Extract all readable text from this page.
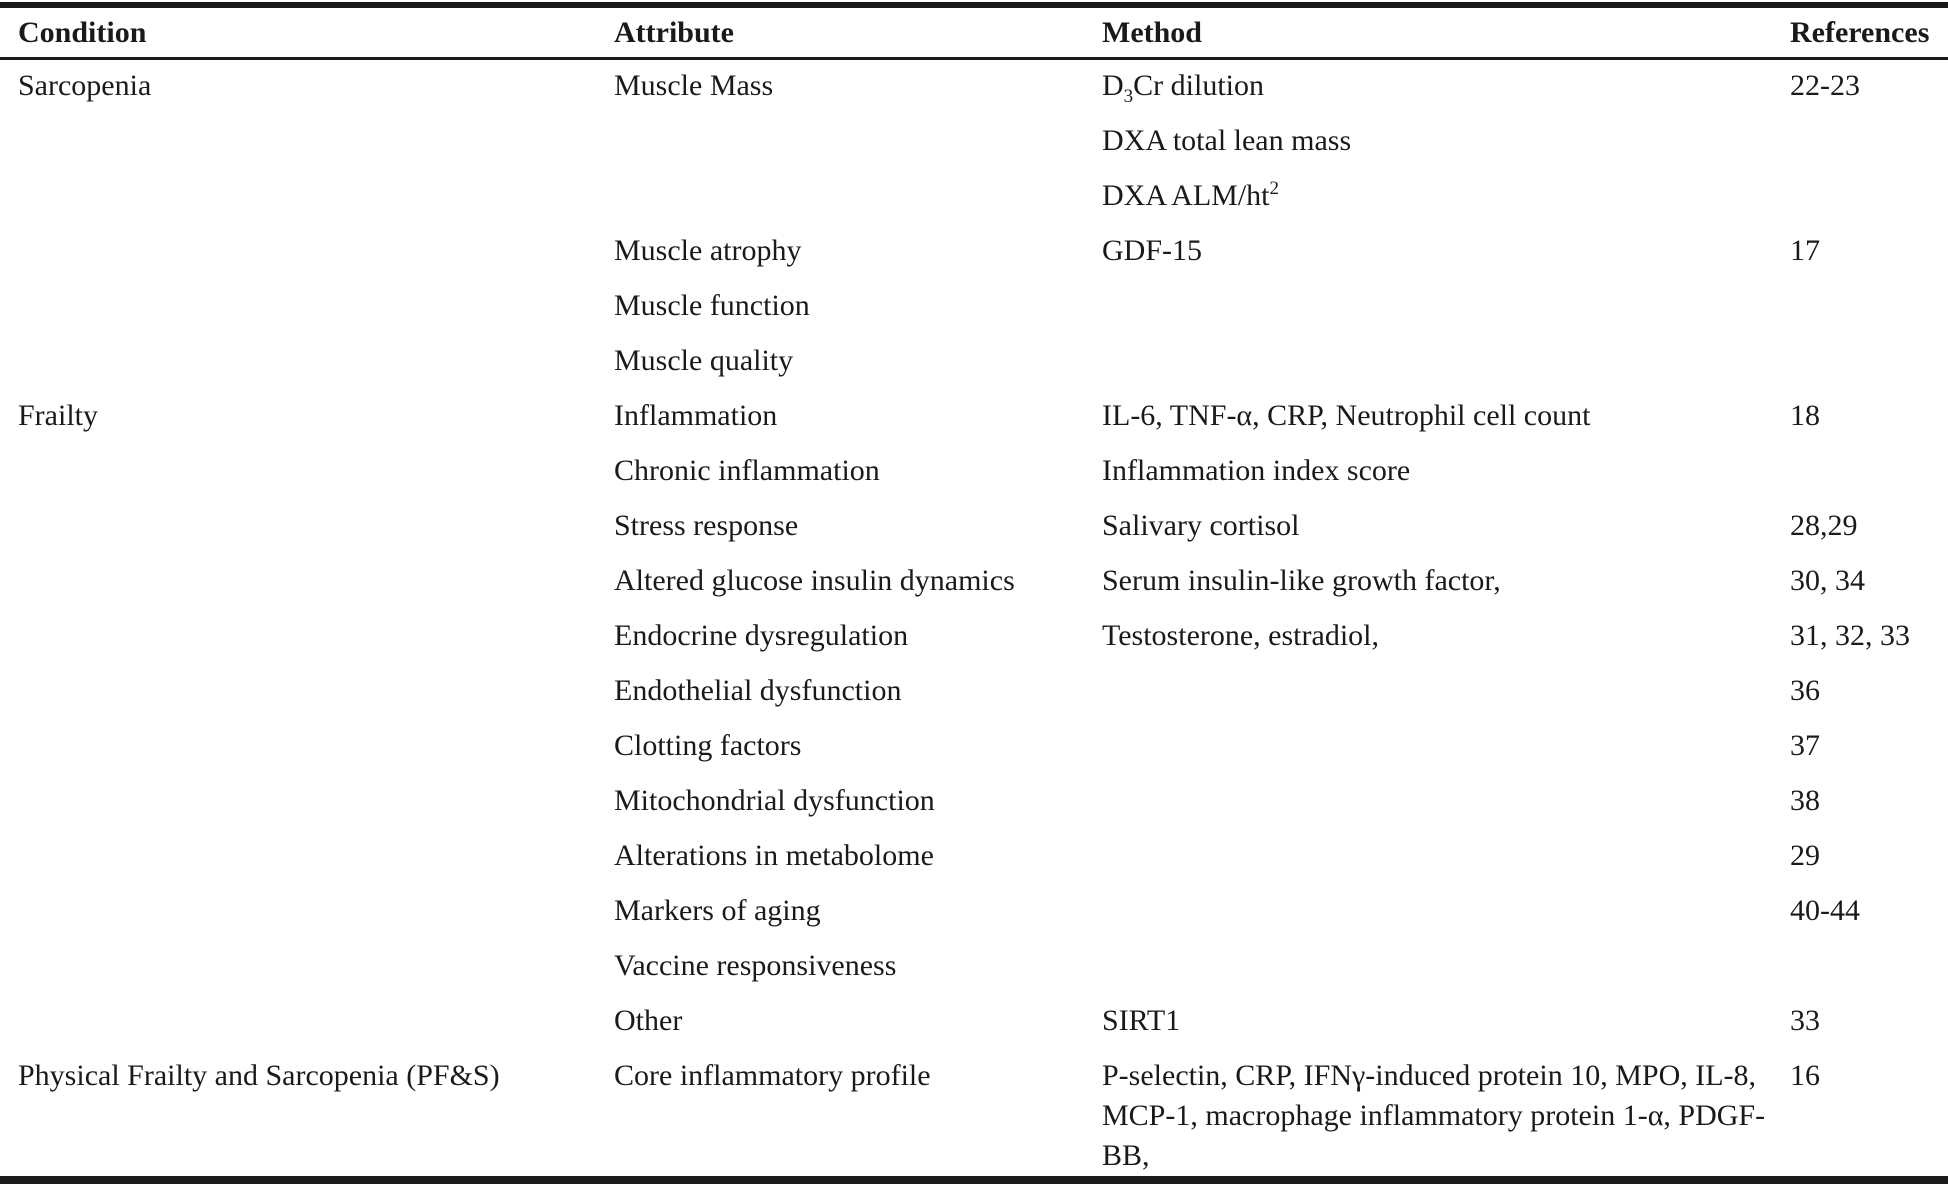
Condition	Attribute	Method	References
Sarcopenia	Muscle Mass	$D_3Cr$ dilution	22-23
		DXA total lean mass	
		DXA ALM/$ht^2$	
	Muscle atrophy	GDF-15	17
	Muscle function		
	Muscle quality		
Frailty	Inflammation	IL-6, TNF-α, CRP, Neutrophil cell count	18
	Chronic inflammation	Inflammation index score	
	Stress response	Salivary cortisol	28,29
	Altered glucose insulin dynamics	Serum insulin-like growth factor,	30, 34
	Endocrine dysregulation	Testosterone, estradiol,	31, 32, 33
	Endothelial dysfunction		36
	Clotting factors		37
	Mitochondrial dysfunction		38
	Alterations in metabolome		29
	Markers of aging		40-44
	Vaccine responsiveness		
	Other	SIRT1	33
Physical Frailty and Sarcopenia (PF&S)	Core inflammatory profile	P-selectin, CRP, IFNγ-induced protein 10, MPO, IL-8, MCP-1, macrophage inflammatory protein 1-α, PDGF-BB,	16
